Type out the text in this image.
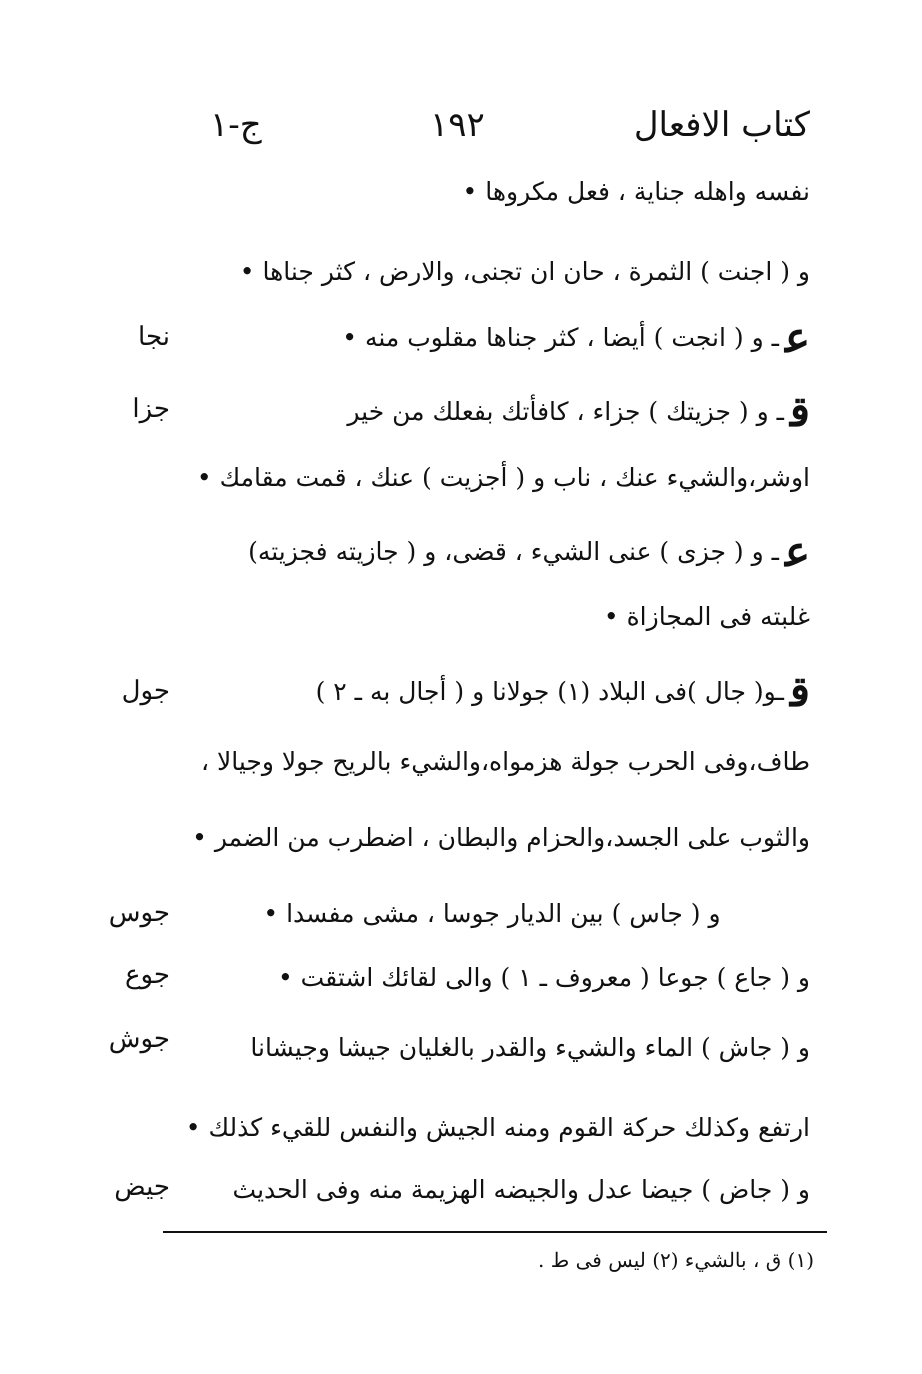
كتاب الافعال
١٩٢
ج-١
نفسه واهله جناية ، فعل مكروها •
و ( اجنت ) الثمرة ، حان ان تجنى، والارض ، كثر جناها •
عـ و ( انجت ) أيضا ، كثر جناها مقلوب منه •
قـ و ( جزيتك ) جزاء ، كافأتك بفعلك من خير
اوشر،والشيء عنك ، ناب و ( أجزيت ) عنك ، قمت مقامك •
عـ و ( جزى ) عنى الشيء ، قضى، و ( جازيته فجزيته)
غلبته فى المجازاة •
قـو( جال )فى البلاد (١) جولانا و ( أجال به ـ ٢ )
طاف،وفى الحرب جولة هزمواه،والشيء بالريح جولا وجيالا ،
والثوب على الجسد،والحزام والبطان ، اضطرب من الضمر •
و ( جاس ) بين الديار جوسا ، مشى مفسدا •
و ( جاع ) جوعا ( معروف ـ ١ ) والى لقائك اشتقت •
و ( جاش ) الماء والشيء والقدر بالغليان جيشا وجيشانا
ارتفع وكذلك حركة القوم ومنه الجيش والنفس للقيء كذلك •
و ( جاض ) جيضا عدل والجيضه الهزيمة منه وفى الحديث
نجا
جزا
جول
جوس
جوع
جوش
جيض
(١) ق ، بالشيء (٢) ليس فى ط .
